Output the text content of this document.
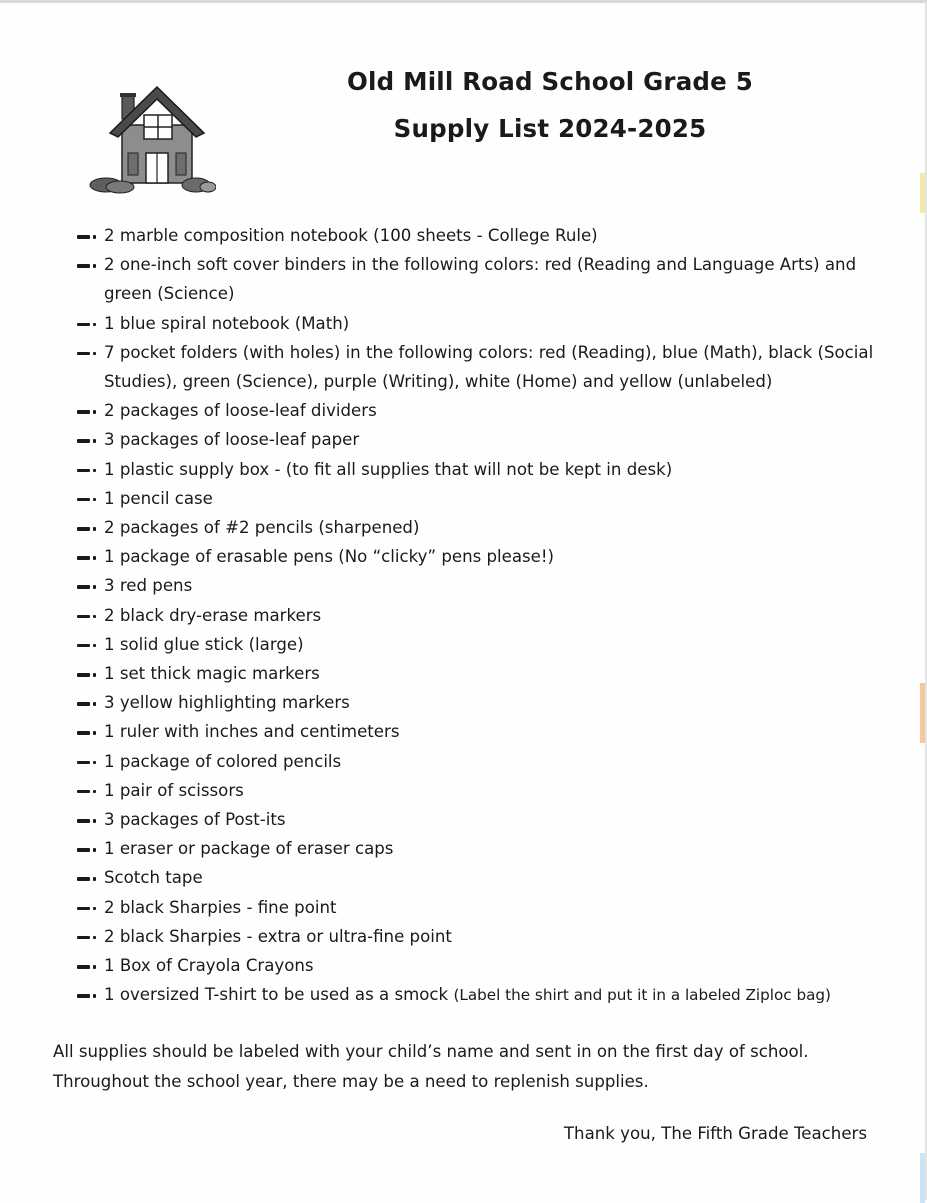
Old Mill Road School Grade 5
Supply List 2024-2025
2 marble composition notebook (100 sheets - College Rule)
2 one-inch soft cover binders in the following colors: red (Reading and Language Arts) and green (Science)
1 blue spiral notebook (Math)
7 pocket folders (with holes) in the following colors: red (Reading), blue (Math), black (Social Studies), green (Science), purple (Writing), white (Home) and yellow (unlabeled)
2 packages of loose-leaf dividers
3 packages of loose-leaf paper
1 plastic supply box - (to fit all supplies that will not be kept in desk)
1 pencil case
2 packages of #2 pencils (sharpened)
1 package of erasable pens (No “clicky” pens please!)
3 red pens
2 black dry-erase markers
1 solid glue stick (large)
1 set thick magic markers
3 yellow highlighting markers
1 ruler with inches and centimeters
1 package of colored pencils
1 pair of scissors
3 packages of Post-its
1 eraser or package of eraser caps
Scotch tape
2 black Sharpies - fine point
2 black Sharpies - extra or ultra-fine point
1 Box of Crayola Crayons
1 oversized T-shirt to be used as a smock (Label the shirt and put it in a labeled Ziploc bag)
All supplies should be labeled with your child’s name and sent in on the first day of school.
Throughout the school year, there may be a need to replenish supplies.
Thank you, The Fifth Grade Teachers
